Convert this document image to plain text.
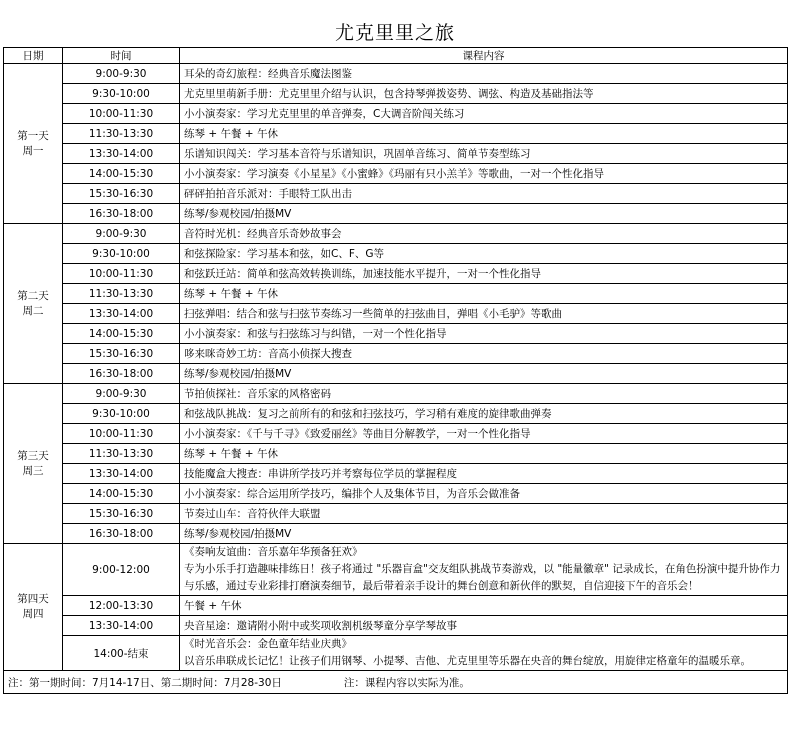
尤克里里之旅
日期	时间	课程内容

第一天
周一	9:00-9:30	耳朵的奇幻旅程：经典音乐魔法图鉴
	9:30-10:00	尤克里里萌新手册：尤克里里介绍与认识，包含持琴弹拨姿势、调弦、构造及基础指法等
	10:00-11:30	小小演奏家：学习尤克里里的单音弹奏，C大调音阶闯关练习
	11:30-13:30	练琴 + 午餐 + 午休
	13:30-14:00	乐谱知识闯关：学习基本音符与乐谱知识，巩固单音练习、简单节奏型练习
	14:00-15:30	小小演奏家：学习演奏《小星星》《小蜜蜂》《玛丽有只小羔羊》等歌曲，一对一个性化指导
	15:30-16:30	砰砰拍拍音乐派对：手眼特工队出击
	16:30-18:00	练琴/参观校园/拍摄MV

第二天
周二	9:00-9:30	音符时光机：经典音乐奇妙故事会
	9:30-10:00	和弦探险家：学习基本和弦，如C、F、G等
	10:00-11:30	和弦跃迁站：简单和弦高效转换训练，加速技能水平提升，一对一个性化指导
	11:30-13:30	练琴 + 午餐 + 午休
	13:30-14:00	扫弦弹唱：结合和弦与扫弦节奏练习一些简单的扫弦曲目，弹唱《小毛驴》等歌曲
	14:00-15:30	小小演奏家：和弦与扫弦练习与纠错，一对一个性化指导
	15:30-16:30	哆来咪奇妙工坊：音高小侦探大搜查
	16:30-18:00	练琴/参观校园/拍摄MV

第三天
周三	9:00-9:30	节拍侦探社：音乐家的风格密码
	9:30-10:00	和弦战队挑战：复习之前所有的和弦和扫弦技巧，学习稍有难度的旋律歌曲弹奏
	10:00-11:30	小小演奏家：《千与千寻》《致爱丽丝》等曲目分解教学，一对一个性化指导
	11:30-13:30	练琴 + 午餐 + 午休
	13:30-14:00	技能魔盒大搜查：串讲所学技巧并考察每位学员的掌握程度
	14:00-15:30	小小演奏家：综合运用所学技巧，编排个人及集体节目，为音乐会做准备
	15:30-16:30	节奏过山车：音符伙伴大联盟
	16:30-18:00	练琴/参观校园/拍摄MV

第四天
周四	9:00-12:00	《奏响友谊曲：音乐嘉年华预备狂欢》
专为小乐手打造趣味排练日！孩子将通过 "乐器盲盒"交友组队挑战节奏游戏，以 "能量徽章" 记录成长，在角色扮演中提升协作力与乐感，通过专业彩排打磨演奏细节，最后带着亲手设计的舞台创意和新伙伴的默契，自信迎接下午的音乐会！

	12:00-13:30	午餐 + 午休
	13:30-14:00	央音星途：邀请附小附中或奖项收割机级琴童分享学琴故事
	14:00-结束	《时光音乐会：金色童年结业庆典》
以音乐串联成长记忆！让孩子们用钢琴、小提琴、吉他、尤克里里等乐器在央音的舞台绽放，用旋律定格童年的温暖乐章。

注：第一期时间：7月14-17日、第二期时间：7月28-30日 注：课程内容以实际为准。		
